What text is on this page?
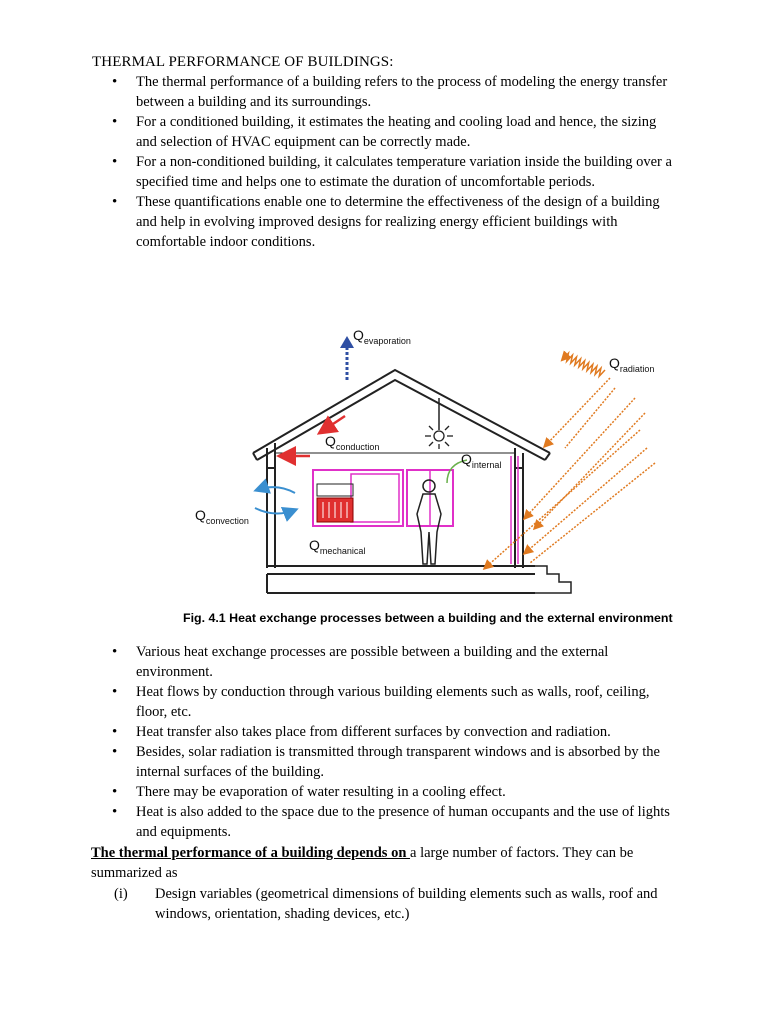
THERMAL PERFORMANCE OF BUILDINGS:
• The thermal performance of a building refers to the process of modeling the energy transfer between a building and its surroundings.
• For a conditioned building, it estimates the heating and cooling load and hence, the sizing and selection of HVAC equipment can be correctly made.
• For a non-conditioned building, it calculates temperature variation inside the building over a specified time and helps one to estimate the duration of uncomfortable periods.
• These quantifications enable one to determine the effectiveness of the design of a building and help in evolving improved designs for realizing energy efficient buildings with comfortable indoor conditions.
$Q_{evaporation}$
$Q_{radiation}$
$Q_{conduction}$
$Q_{internal}$
$Q_{convection}$
$Q_{mechanical}$
Fig. 4.1 Heat exchange processes between a building and the external environment
• Various heat exchange processes are possible between a building and the external environment.
• Heat flows by conduction through various building elements such as walls, roof, ceiling, floor, etc.
• Heat transfer also takes place from different surfaces by convection and radiation.
• Besides, solar radiation is transmitted through transparent windows and is absorbed by the internal surfaces of the building.
• There may be evaporation of water resulting in a cooling effect.
• Heat is also added to the space due to the presence of human occupants and the use of lights and equipments.
The thermal performance of a building depends on a large number of factors. They can be summarized as
(i) Design variables (geometrical dimensions of building elements such as walls, roof and windows, orientation, shading devices, etc.)
